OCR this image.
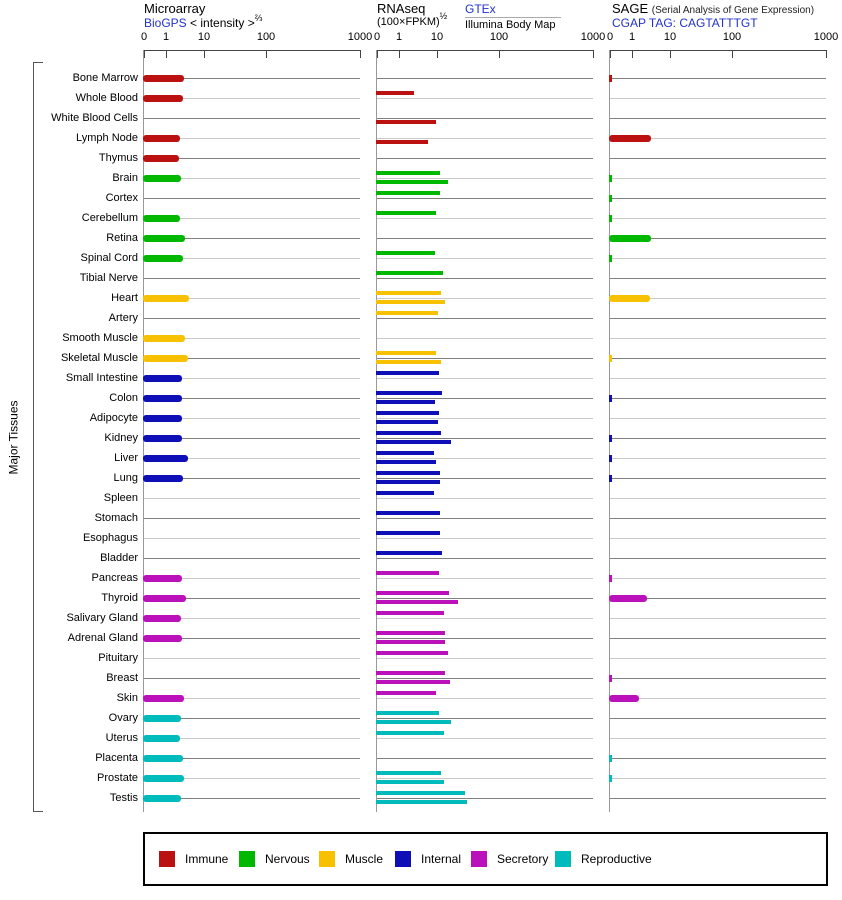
Major Tissues
Microarray
BioGPS < intensity >$^{\frac{2}{3}}$
RNAseq
(100×FPKM)$^{\frac{1}{2}}$ GTEx
Illumina Body Map
SAGE (Serial Analysis of Gene Expression)
CGAP TAG: CAGTATTTGT
0 1	10	100	1000 0 1	10	100	1000 0 1	10	100	1000
Bone Marrow
Whole Blood
White Blood Cells
Lymph Node
Thymus
Brain
Cortex
Cerebellum
Retina
Spinal Cord
Tibial Nerve
Heart
Artery
Smooth Muscle
Skeletal Muscle
Small Intestine
Colon
Adipocyte
Kidney
Liver
Lung
Spleen
Stomach
Esophagus
Bladder
Pancreas
Thyroid
Salivary Gland
Adrenal Gland
Pituitary
Breast
Skin
Ovary
Uterus
Placenta
Prostate
Testis
Immune	Nervous	Muscle	Internal	Secretory	Reproductive
